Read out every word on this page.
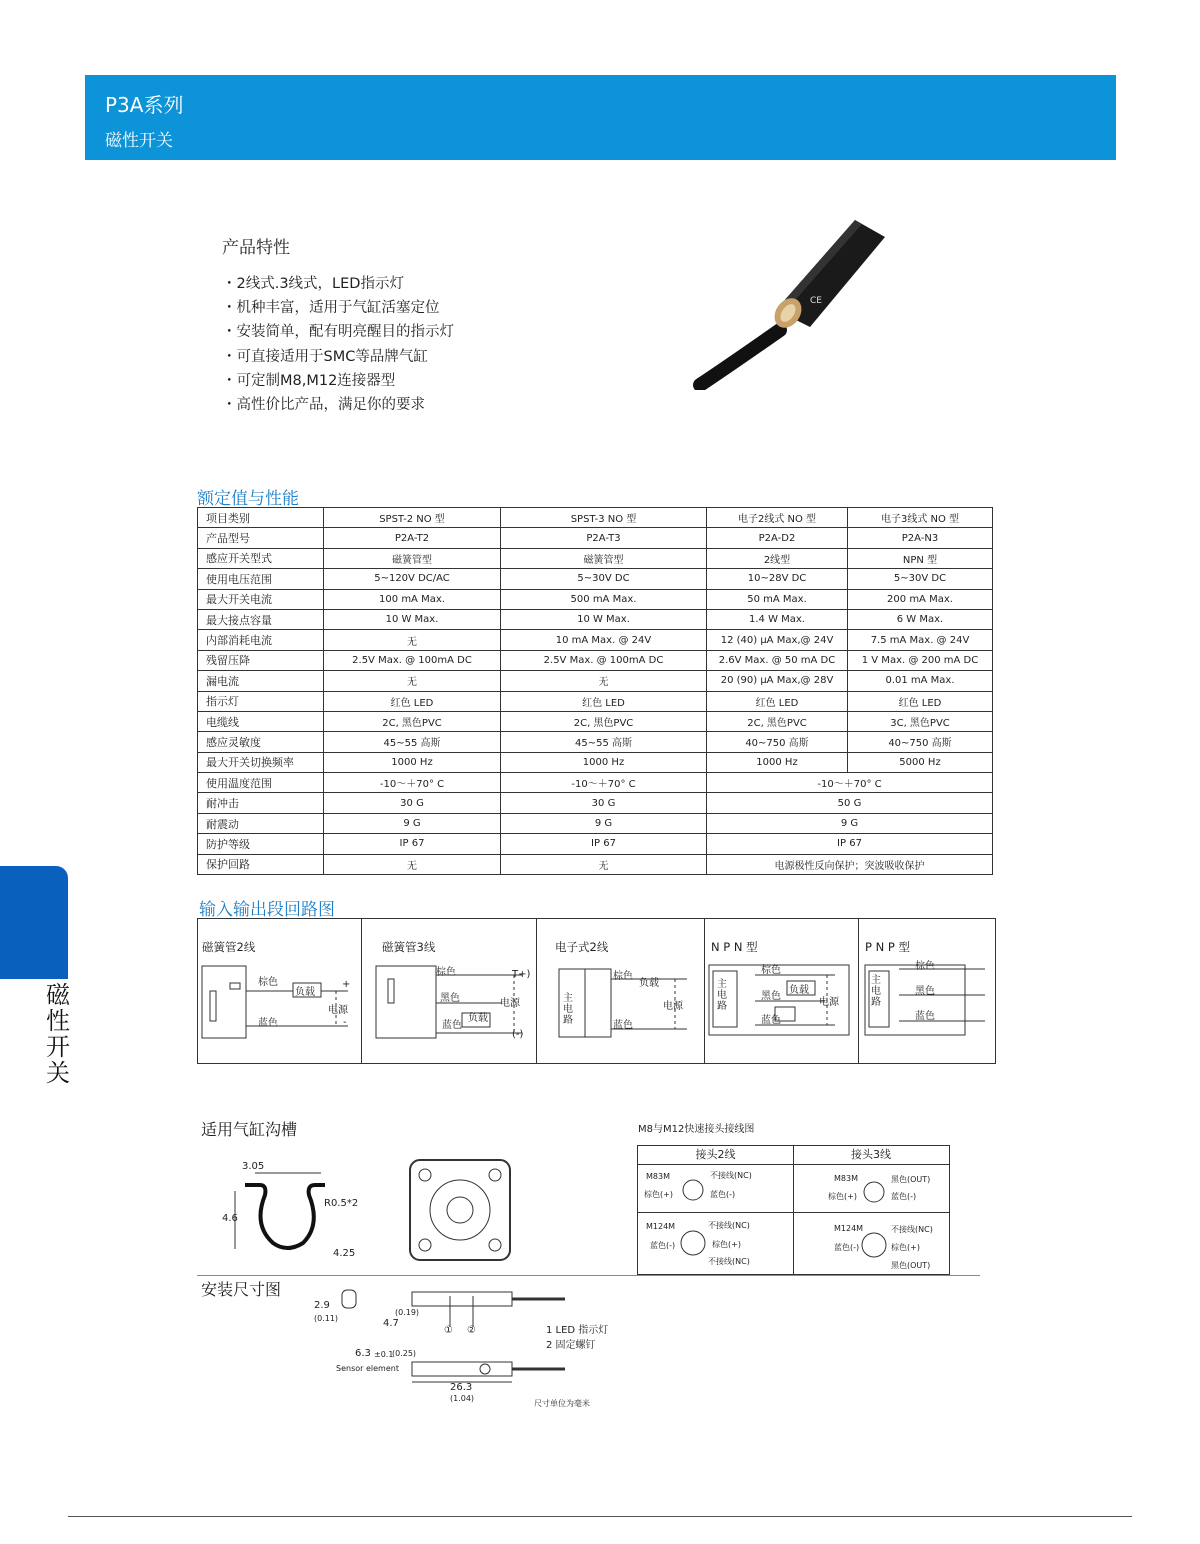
P3A系列
磁性开关
磁
性
开
关
产品特性
・2线式.3线式，LED指示灯
・机种丰富，适用于气缸活塞定位
・安装简单，配有明亮醒目的指示灯
・可直接适用于SMC等品牌气缸
・可定制M8,M12连接器型
・高性价比产品，满足你的要求
CE
额定值与性能
项目类别	SPST-2 NO 型	SPST-3 NO 型	电子2线式 NO 型	电子3线式 NO 型
产品型号	P2A-T2	P2A-T3	P2A-D2	P2A-N3
感应开关型式	磁簧管型	磁簧管型	2线型	NPN 型
使用电压范围	5~120V DC/AC	5~30V DC	10~28V DC	5~30V DC
最大开关电流	100 mA Max.	500 mA Max.	50 mA Max.	200 mA Max.
最大接点容量	10 W Max.	10 W Max.	1.4 W Max.	6 W Max.
内部消耗电流	无	10 mA Max. @ 24V	12 (40) μA Max,@ 24V	7.5 mA Max. @ 24V
残留压降	2.5V Max. @ 100mA DC	2.5V Max. @ 100mA DC	2.6V Max. @ 50 mA DC	1 V Max. @ 200 mA DC
漏电流	无	无	20 (90) μA Max,@ 28V	0.01 mA Max.
指示灯	红色 LED	红色 LED	红色 LED	红色 LED
电缆线	2C, 黑色PVC	2C, 黑色PVC	2C, 黑色PVC	3C, 黑色PVC
感应灵敏度	45~55 高斯	45~55 高斯	40~750 高斯	40~750 高斯
最大开关切换频率	1000 Hz	1000 Hz	1000 Hz	5000 Hz
使用温度范围	-10～＋70° C	-10～＋70° C	-10～＋70° C	
耐冲击	30 G	30 G	50 G	
耐震动	9 G	9 G	9 G	
防护等级	IP 67	IP 67	IP 67	
保护回路	无	无	电源极性反向保护；突波吸收保护	
输入输出段回路图
磁簧管2线
棕色
负载
电源
蓝色
+
-
磁簧管3线
棕色
黑色
负载
蓝色
电源
T+)
(-)
电子式2线
主电路
棕色
负载
电源
蓝色
N P N 型
主电路
棕色
负载
黑色
电源
蓝色
P N P 型
主电路
棕色
黑色
蓝色
适用气缸沟槽
3.05
4.6
R0.5*2
4.25
M8与M12快速接头接线图
接头2线	接头3线
M83M
M124M
M83M
M124M
不接线(NC)
棕色(+)	蓝色(-)
不接线(NC)
蓝色(-)	棕色(+)
不接线(NC)
黑色(OUT)
棕色(+)	蓝色(-)
不接线(NC)
蓝色(-)	棕色(+)
黑色(OUT)
安装尺寸图
2.9
(0.11)	4.7
(0.19)
6.3 ±0.1
(0.25)
Sensor element
26.3
(1.04)
① ②	1 LED 指示灯
2 固定螺钉
尺寸单位为毫米
